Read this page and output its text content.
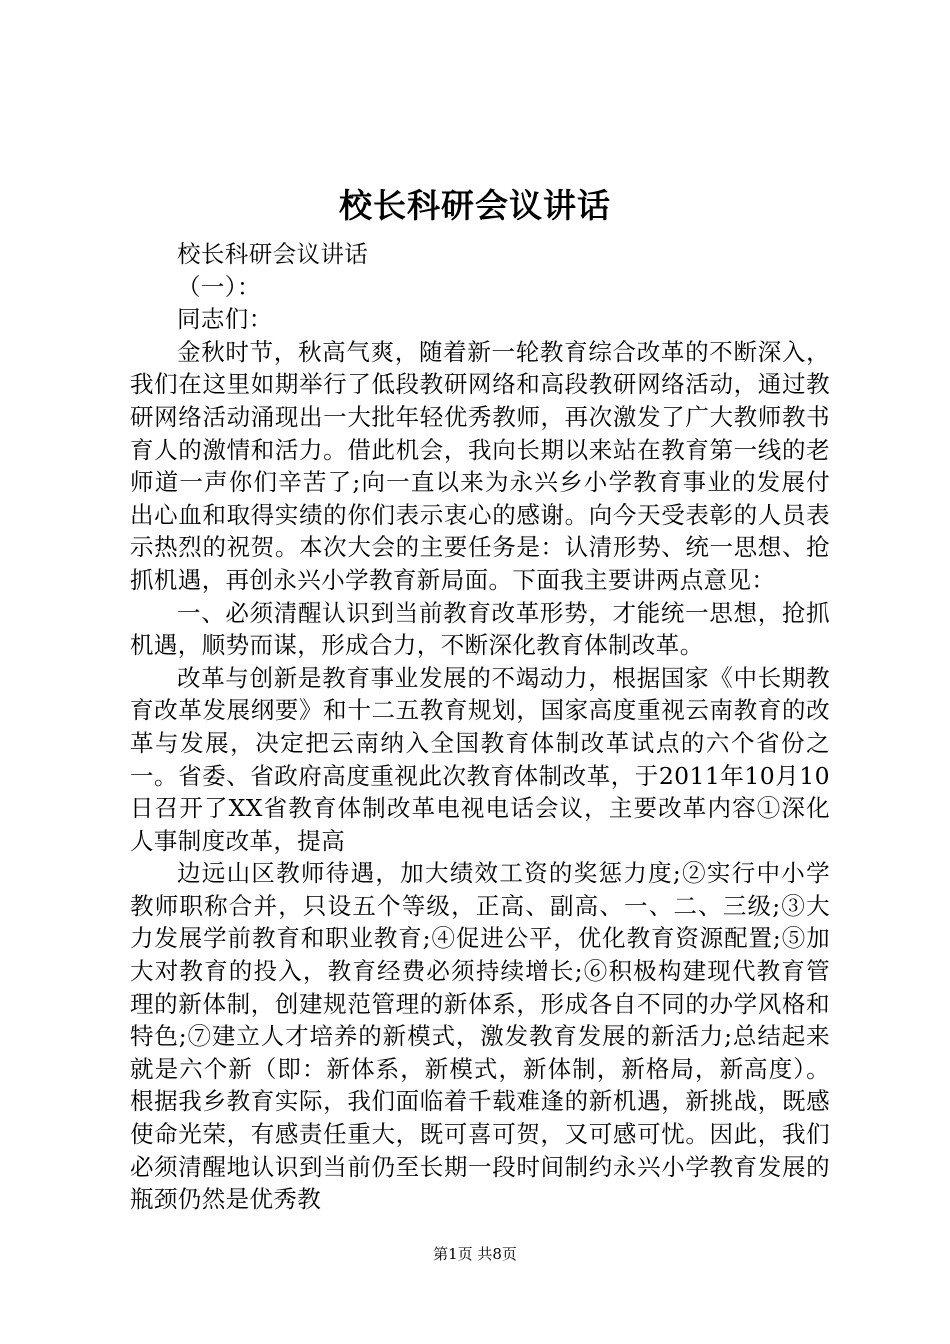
校长科研会议讲话

校长科研会议讲话

（一）：

同志们：

金秋时节，秋高气爽，随着新一轮教育综合改革的不断深入，我们在这里如期举行了低段教研网络和高段教研网络活动，通过教研网络活动涌现出一大批年轻优秀教师，再次激发了广大教师教书育人的激情和活力。借此机会，我向长期以来站在教育第一线的老师道一声你们辛苦了;向一直以来为永兴乡小学教育事业的发展付出心血和取得实绩的你们表示衷心的感谢。向今天受表彰的人员表示热烈的祝贺。本次大会的主要任务是：认清形势、统一思想、抢抓机遇，再创永兴小学教育新局面。下面我主要讲两点意见：

一、必须清醒认识到当前教育改革形势，才能统一思想，抢抓机遇，顺势而谋，形成合力，不断深化教育体制改革。

改革与创新是教育事业发展的不竭动力，根据国家《中长期教育改革发展纲要》和十二五教育规划，国家高度重视云南教育的改革与发展，决定把云南纳入全国教育体制改革试点的六个省份之一。省委、省政府高度重视此次教育体制改革，于2011年10月10日召开了XX省教育体制改革电视电话会议，主要改革内容①深化人事制度改革，提高

边远山区教师待遇，加大绩效工资的奖惩力度;②实行中小学教师职称合并，只设五个等级，正高、副高、一、二、三级;③大力发展学前教育和职业教育;④促进公平，优化教育资源配置;⑤加大对教育的投入，教育经费必须持续增长;⑥积极构建现代教育管理的新体制，创建规范管理的新体系，形成各自不同的办学风格和特色;⑦建立人才培养的新模式，激发教育发展的新活力;总结起来就是六个新（即：新体系，新模式，新体制，新格局，新高度）。根据我乡教育实际，我们面临着千载难逢的新机遇，新挑战，既感使命光荣，有感责任重大，既可喜可贺，又可感可忧。因此，我们必须清醒地认识到当前仍至长期一段时间制约永兴小学教育发展的瓶颈仍然是优秀教

第1页 共8页
